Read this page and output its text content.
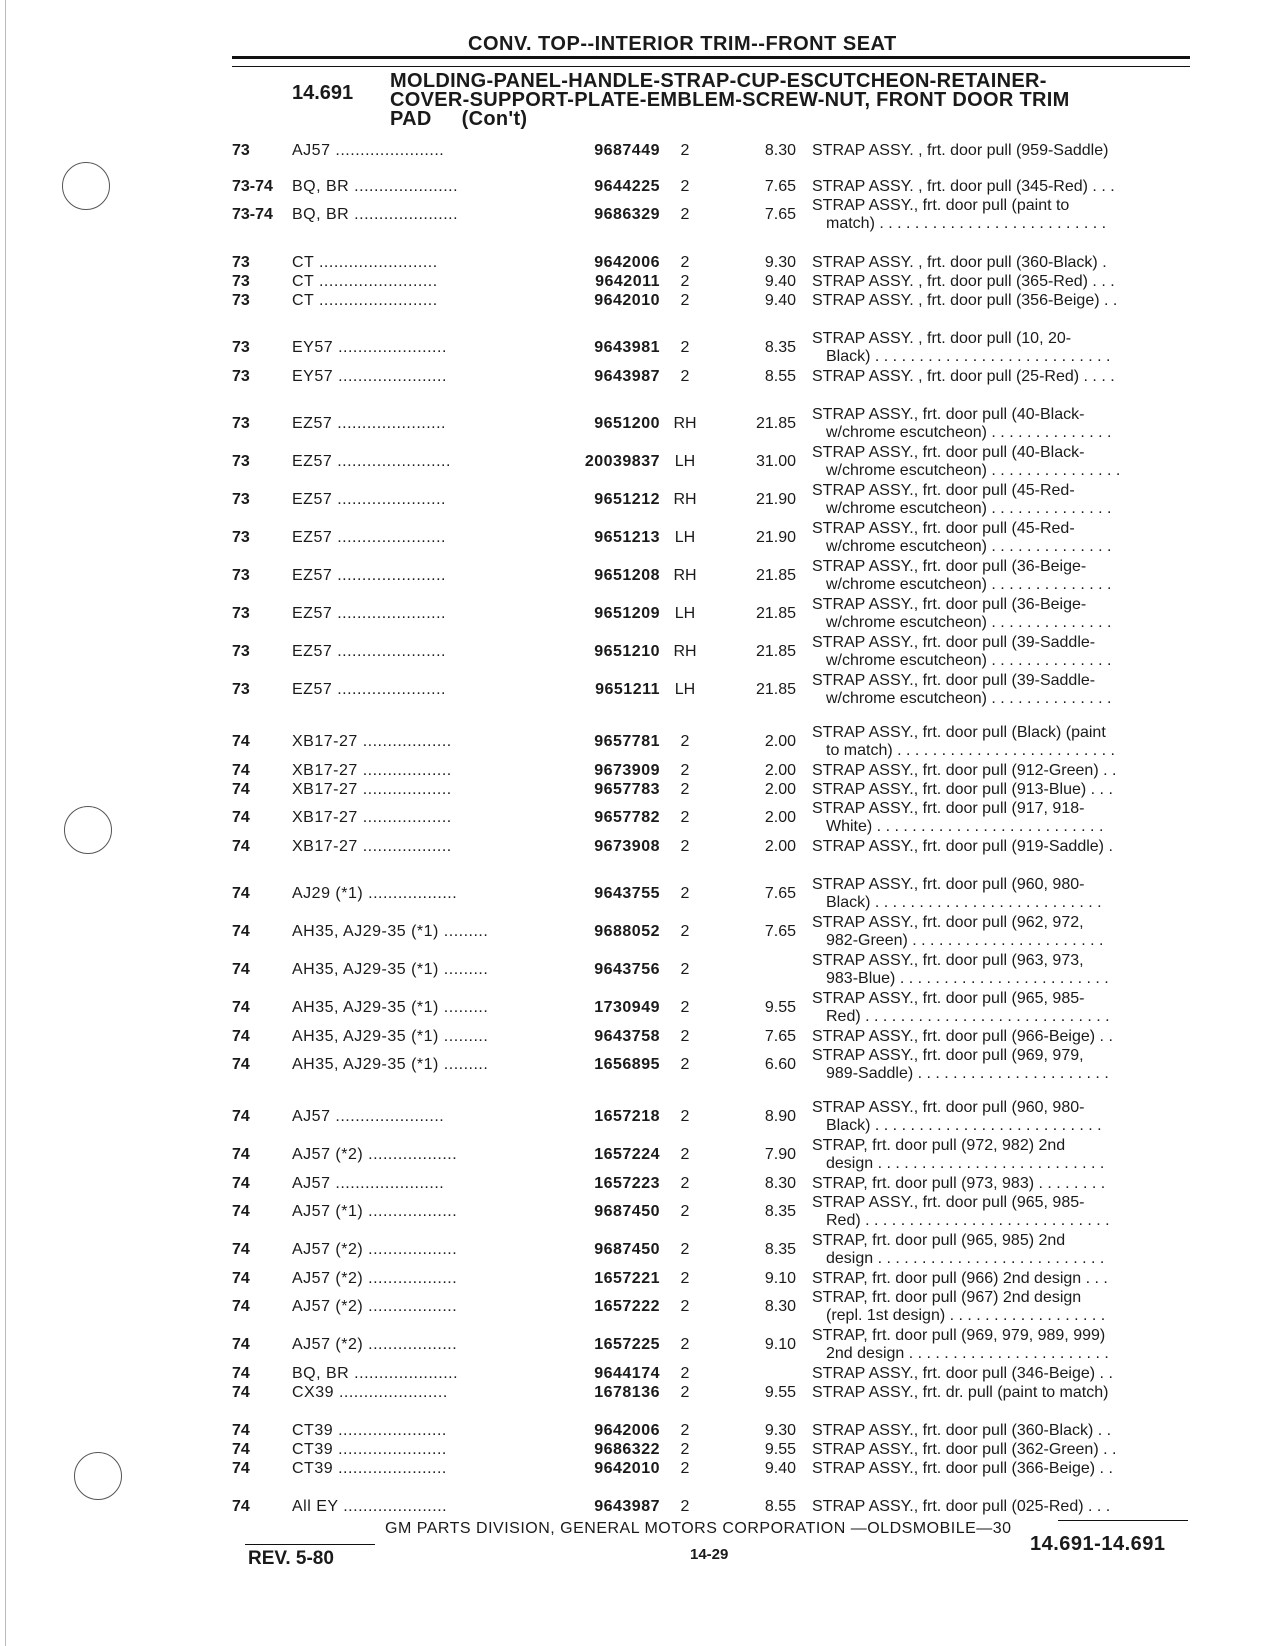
CONV. TOP--INTERIOR TRIM--FRONT SEAT
14.691
MOLDING-PANEL-HANDLE-STRAP-CUP-ESCUTCHEON-RETAINER-
COVER-SUPPORT-PLATE-EMBLEM-SCREW-NUT, FRONT DOOR TRIM
PAD (Con't)
73	AJ57 ......................	9687449	2	8.30 STRAP ASSY. , frt. door pull (959-Saddle)
73-74 BQ, BR .....................	9644225	2	7.65 STRAP ASSY. , frt. door pull (345-Red) . . .
73-74 BQ, BR .....................	9686329	2	7.65
STRAP ASSY., frt. door pull (paint to
match) . . . . . . . . . . . . . . . . . . . . . . . . . .
73	CT ........................	9642006	2	9.30 STRAP ASSY. , frt. door pull (360-Black) .
73	CT ........................	9642011	2	9.40 STRAP ASSY. , frt. door pull (365-Red) . . .
73	CT ........................	9642010	2	9.40 STRAP ASSY. , frt. door pull (356-Beige) . .
73	EY57 ......................	9643981	2	8.35
STRAP ASSY. , frt. door pull (10, 20-
Black) . . . . . . . . . . . . . . . . . . . . . . . . . . .
73	EY57 ......................	9643987	2	8.55 STRAP ASSY. , frt. door pull (25-Red) . . . .
73	EZ57 ......................	9651200 RH	21.85
STRAP ASSY., frt. door pull (40-Black-
w/chrome escutcheon) . . . . . . . . . . . . . .
73	EZ57 .......................	20039837 LH	31.00
STRAP ASSY., frt. door pull (40-Black-
w/chrome escutcheon) . . . . . . . . . . . . . . .
73	EZ57 ......................	9651212 RH	21.90
STRAP ASSY., frt. door pull (45-Red-
w/chrome escutcheon) . . . . . . . . . . . . . .
73	EZ57 ......................	9651213 LH	21.90
STRAP ASSY., frt. door pull (45-Red-
w/chrome escutcheon) . . . . . . . . . . . . . .
73	EZ57 ......................	9651208 RH	21.85
STRAP ASSY., frt. door pull (36-Beige-
w/chrome escutcheon) . . . . . . . . . . . . . .
73	EZ57 ......................	9651209 LH	21.85
STRAP ASSY., frt. door pull (36-Beige-
w/chrome escutcheon) . . . . . . . . . . . . . .
73	EZ57 ......................	9651210 RH	21.85
STRAP ASSY., frt. door pull (39-Saddle-
w/chrome escutcheon) . . . . . . . . . . . . . .
73	EZ57 ......................	9651211 LH	21.85
STRAP ASSY., frt. door pull (39-Saddle-
w/chrome escutcheon) . . . . . . . . . . . . . .
74	XB17-27 ..................	9657781	2	2.00
STRAP ASSY., frt. door pull (Black) (paint
to match) . . . . . . . . . . . . . . . . . . . . . . . . .
74	XB17-27 ..................	9673909	2	2.00 STRAP ASSY., frt. door pull (912-Green) . .
74	XB17-27 ..................	9657783	2	2.00 STRAP ASSY., frt. door pull (913-Blue) . . .
74	XB17-27 ..................	9657782	2	2.00
STRAP ASSY., frt. door pull (917, 918-
White) . . . . . . . . . . . . . . . . . . . . . . . . . .
74	XB17-27 ..................	9673908	2	2.00 STRAP ASSY., frt. door pull (919-Saddle) .
74	AJ29 (*1) ..................	9643755	2	7.65
STRAP ASSY., frt. door pull (960, 980-
Black) . . . . . . . . . . . . . . . . . . . . . . . . . .
74	AH35, AJ29-35 (*1) .........	9688052	2	7.65
STRAP ASSY., frt. door pull (962, 972,
982-Green) . . . . . . . . . . . . . . . . . . . . . .
74	AH35, AJ29-35 (*1) .........	9643756	2
STRAP ASSY., frt. door pull (963, 973,
983-Blue) . . . . . . . . . . . . . . . . . . . . . . . .
74	AH35, AJ29-35 (*1) .........	1730949	2	9.55
STRAP ASSY., frt. door pull (965, 985-
Red) . . . . . . . . . . . . . . . . . . . . . . . . . . . .
74	AH35, AJ29-35 (*1) .........	9643758	2	7.65 STRAP ASSY., frt. door pull (966-Beige) . .
74	AH35, AJ29-35 (*1) .........	1656895	2	6.60
STRAP ASSY., frt. door pull (969, 979,
989-Saddle) . . . . . . . . . . . . . . . . . . . . . .
74	AJ57 ......................	1657218	2	8.90
STRAP ASSY., frt. door pull (960, 980-
Black) . . . . . . . . . . . . . . . . . . . . . . . . . .
74	AJ57 (*2) ..................	1657224	2	7.90
STRAP, frt. door pull (972, 982) 2nd
design . . . . . . . . . . . . . . . . . . . . . . . . . .
74	AJ57 ......................	1657223	2	8.30 STRAP, frt. door pull (973, 983) . . . . . . . .
74	AJ57 (*1) ..................	9687450	2	8.35
STRAP ASSY., frt. door pull (965, 985-
Red) . . . . . . . . . . . . . . . . . . . . . . . . . . . .
74	AJ57 (*2) ..................	9687450	2	8.35
STRAP, frt. door pull (965, 985) 2nd
design . . . . . . . . . . . . . . . . . . . . . . . . . .
74	AJ57 (*2) ..................	1657221	2	9.10 STRAP, frt. door pull (966) 2nd design . . .
74	AJ57 (*2) ..................	1657222	2	8.30
STRAP, frt. door pull (967) 2nd design
(repl. 1st design) . . . . . . . . . . . . . . . . . .
74	AJ57 (*2) ..................	1657225	2	9.10
STRAP, frt. door pull (969, 979, 989, 999)
2nd design . . . . . . . . . . . . . . . . . . . . . . .
74	BQ, BR .....................	9644174	2	STRAP ASSY., frt. door pull (346-Beige) . .
74	CX39 ......................	1678136	2	9.55 STRAP ASSY., frt. dr. pull (paint to match)
74	CT39 ......................	9642006	2	9.30 STRAP ASSY., frt. door pull (360-Black) . .
74	CT39 ......................	9686322	2	9.55 STRAP ASSY., frt. door pull (362-Green) . .
74	CT39 ......................	9642010	2	9.40 STRAP ASSY., frt. door pull (366-Beige) . .
74	All EY .....................	9643987	2	8.55 STRAP ASSY., frt. door pull (025-Red) . . .
GM PARTS DIVISION, GENERAL MOTORS CORPORATION —OLDSMOBILE—30
REV. 5-80	14-29	14.691-14.691
